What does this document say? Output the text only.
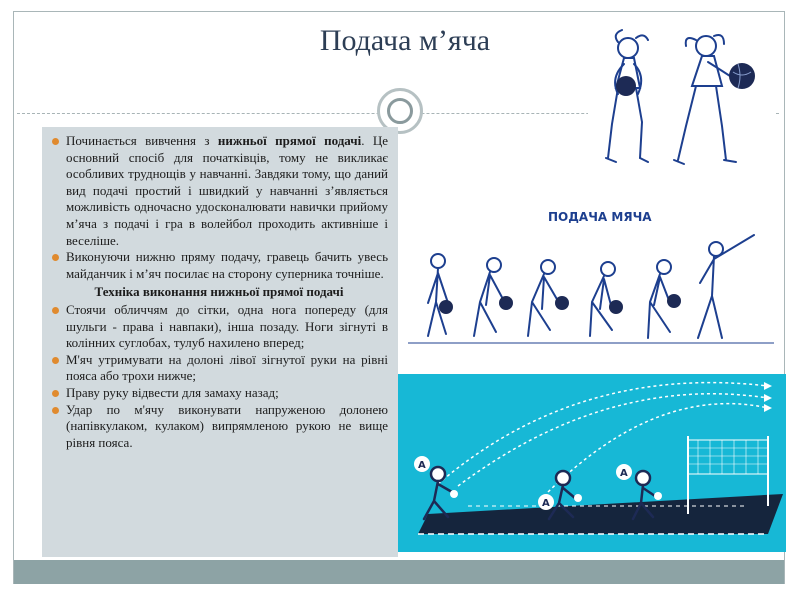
Подача м’яча
Починається вивчення з нижньої прямої подачі. Це основний спосіб для початківців, тому не викликає особливих труднощів у навчанні. Завдяки тому, що даний вид подачі простий і швидкий у навчанні з’являється можливість одночасно удосконалювати навички прийому м’яча з подачі і гра в волейбол проходить активніше і веселіше.
Виконуючи нижню пряму подачу, гравець бачить увесь майданчик і м’яч посилає на сторону суперника точніше.
Техніка виконання нижньої прямої подачі
Стоячи обличчям до сітки, одна нога попереду (для шульги - права і навпаки), інша позаду. Ноги зігнуті в колінних суглобах, тулуб нахилено вперед;
М'яч утримувати на долоні лівої зігнутої руки на рівні пояса або трохи нижче;
Праву руку відвести для замаху назад;
Удар по м'ячу виконувати напруженою долонею (напівкулаком, кулаком) випрямленою рукою не вище рівня пояса.
ПОДАЧА МЯЧА
А
А
А
